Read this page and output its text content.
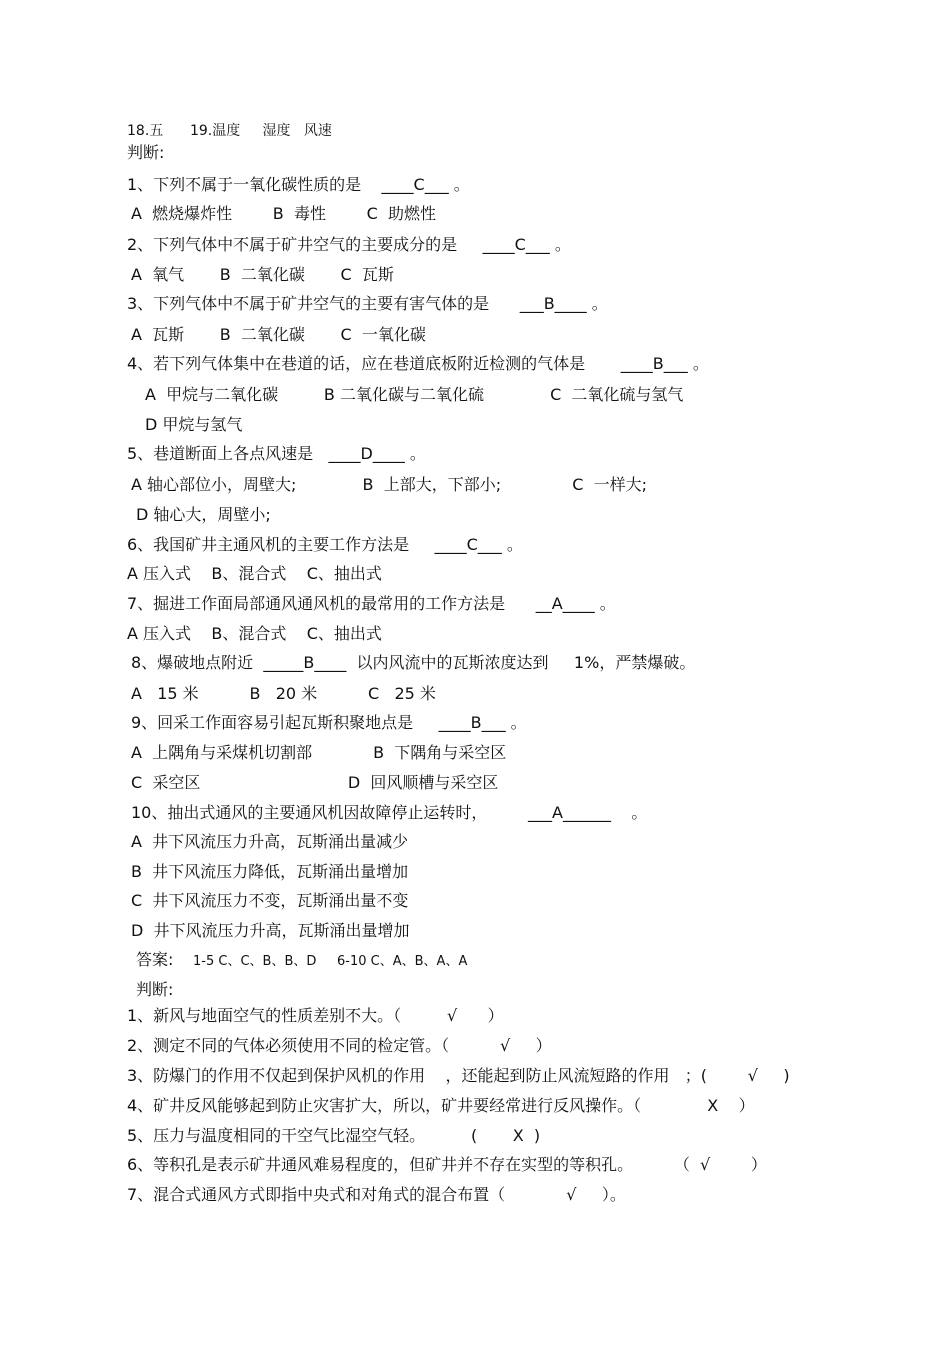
18.五      19.温度     湿度   风速
判断:
1、下列不属于一氧化碳性质的是    ____C___ 。
A  燃烧爆炸性        B  毒性        C  助燃性
2、下列气体中不属于矿井空气的主要成分的是     ____C___ 。
A  氧气       B  二氧化碳       C  瓦斯
3、下列气体中不属于矿井空气的主要有害气体的是      ___B____ 。
A  瓦斯       B  二氧化碳       C  一氧化碳
4、若下列气体集中在巷道的话，应在巷道底板附近检测的气体是       ____B___ 。
A  甲烷与二氧化碳         B 二氧化碳与二氧化硫             C  二氧化硫与氢气
D 甲烷与氢气
5、巷道断面上各点风速是   ____D____ 。
A 轴心部位小，周壁大;             B  上部大，下部小;              C  一样大;
D 轴心大，周壁小;
6、我国矿井主通风机的主要工作方法是     ____C___ 。
A 压入式    B、混合式    C、抽出式
7、掘进工作面局部通风通风机的最常用的工作方法是      __A____ 。
A 压入式    B、混合式    C、抽出式
8、爆破地点附近  _____B____  以内风流中的瓦斯浓度达到     1%，严禁爆破。
A   15 米          B   20 米          C   25 米
9、回采工作面容易引起瓦斯积聚地点是     ____B___ 。
A  上隅角与采煤机切割部            B  下隅角与采空区
C  采空区                             D  回风顺槽与采空区
10、抽出式通风的主要通风机因故障停止运转时，        ___A______    。
A  井下风流压力升高，瓦斯涌出量减少
B  井下风流压力降低，瓦斯涌出量增加
C  井下风流压力不变，瓦斯涌出量不变
D  井下风流压力升高，瓦斯涌出量增加
答案: 1-5 C、C、B、B、D     6-10 C、A、B、A、A
判断:
1、新风与地面空气的性质差别不大。（         √      ）
2、测定不同的气体必须使用不同的检定管。（          √     ）
3、防爆门的作用不仅起到保护风机的作用    ，还能起到防止风流短路的作用   ；(        √     )
4、矿井反风能够起到防止灾害扩大，所以，矿井要经常进行反风操作。（             X    ）
5、压力与温度相同的干空气比湿空气轻。         (       X  )
6、等积孔是表示矿井通风难易程度的，但矿井并不存在实型的等积孔。        （  √        ）
7、混合式通风方式即指中央式和对角式的混合布置（            √     ）。
